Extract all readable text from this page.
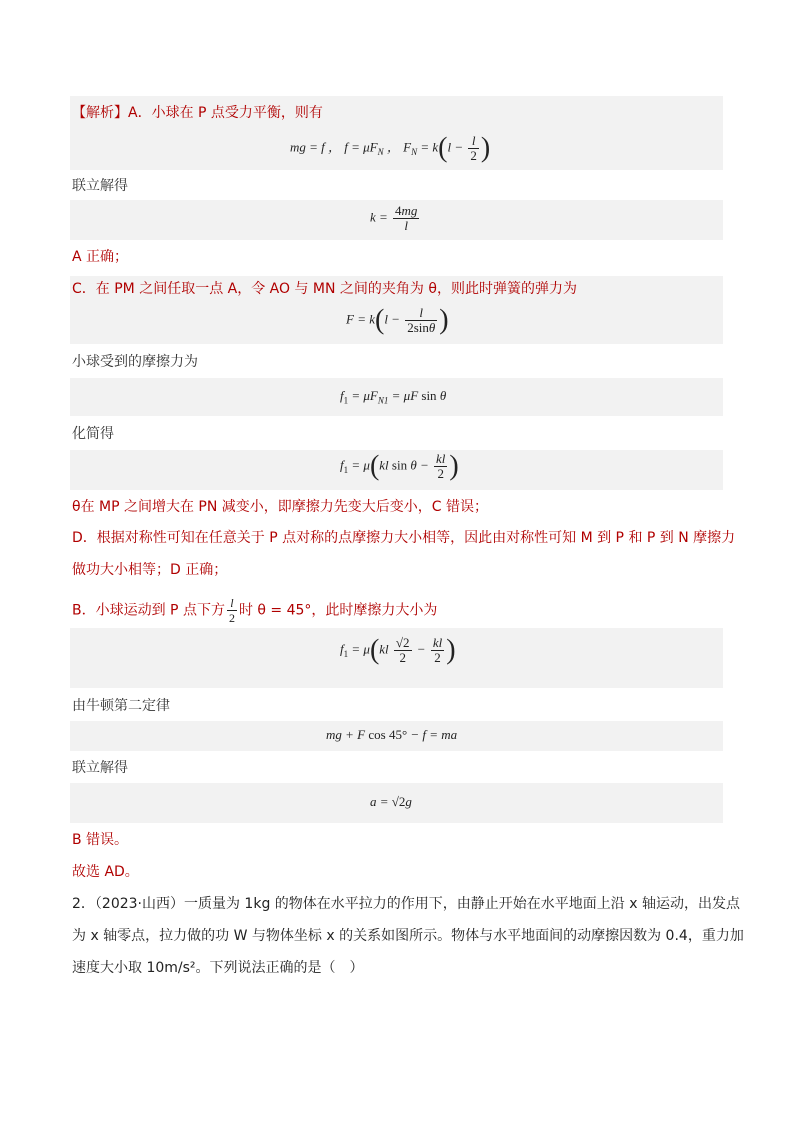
【解析】A．小球在 P 点受力平衡，则有
mg = f ， $f = \mu F_N$ ， $F_N = k(l - \frac{l}{2}$ )
联立解得
$k = \frac{4mg}{l}$
A 正确；
C．在 PM 之间任取一点 A，令 AO 与 MN 之间的夹角为 θ，则此时弹簧的弹力为
$F = k(l - \frac{l}{2\sin\theta}$ )
小球受到的摩擦力为
$f_1 = \mu F_{N1} = \mu F$ sin θ
化简得
$f_1 = \mu(kl$ $\sin \theta - \frac{kl}{2}$ )
θ在 MP 之间增大在 PN 减变小，即摩擦力先变大后变小，C 错误；
D．根据对称性可知在任意关于 P 点对称的点摩擦力大小相等，因此由对称性可知 M 到 P 和 P 到 N 摩擦力
做功大小相等；D 正确；
B．小球运动到 P 点下方 $\frac{l}{2}$ 时 θ = 45°，此时摩擦力大小为
$f_1 = \mu(kl \frac{√2}{2} - \frac{kl}{2}$ )
由牛顿第二定律
mg + F cos 45° − f = ma
联立解得
a = √2g
B 错误。
故选 AD。
2．（2023·山西）一质量为 1kg 的物体在水平拉力的作用下，由静止开始在水平地面上沿 x 轴运动，出发点
为 x 轴零点，拉力做的功 W 与物体坐标 x 的关系如图所示。物体与水平地面间的动摩擦因数为 0.4，重力加
速度大小取 10m/s²。下列说法正确的是（　）
